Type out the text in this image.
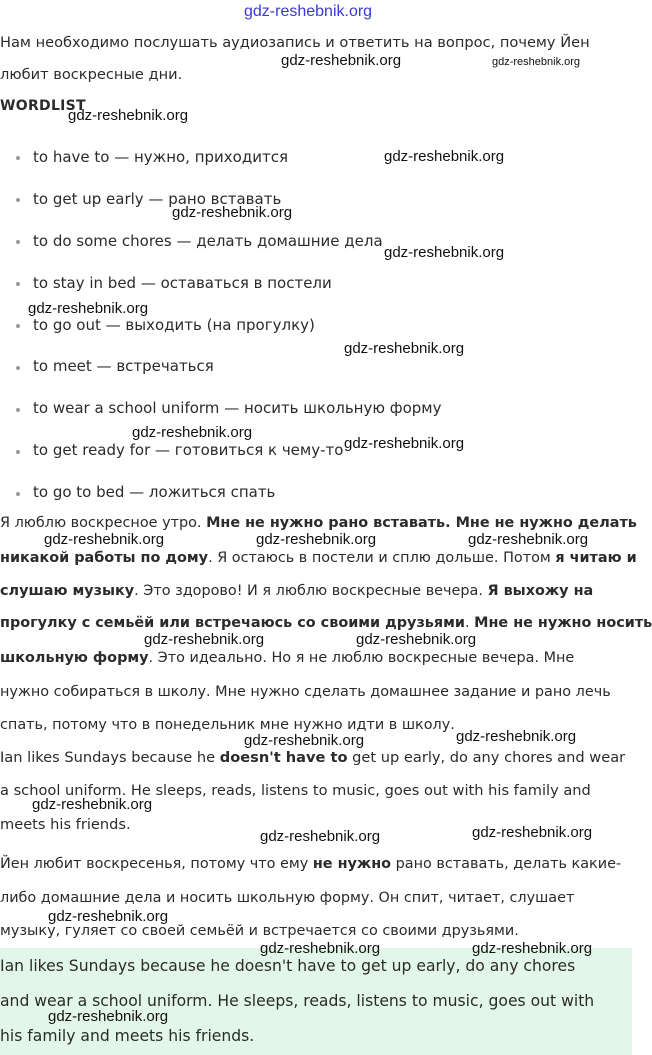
gdz-reshebnik.org
Нам необходимо послушать аудиозапись и ответить на вопрос, почему Йен
любит воскресные дни.
WORDLIST
to have to — нужно, приходится
to get up early — рано вставать
to do some chores — делать домашние дела
to stay in bed — оставаться в постели
to go out — выходить (на прогулку)
to meet — встречаться
to wear a school uniform — носить школьную форму
to get ready for — готовиться к чему-то
to go to bed — ложиться спать
Я люблю воскресное утро. Мне не нужно рано вставать. Мне не нужно делать
никакой работы по дому. Я остаюсь в постели и сплю дольше. Потом я читаю и
слушаю музыку. Это здорово! И я люблю воскресные вечера. Я выхожу на
прогулку с семьёй или встречаюсь со своими друзьями. Мне не нужно носить
школьную форму. Это идеально. Но я не люблю воскресные вечера. Мне
нужно собираться в школу. Мне нужно сделать домашнее задание и рано лечь
спать, потому что в понедельник мне нужно идти в школу.
Ian likes Sundays because he doesn't have to get up early, do any chores and wear
a school uniform. He sleeps, reads, listens to music, goes out with his family and
meets his friends.
Йен любит воскресенья, потому что ему не нужно рано вставать, делать какие-
либо домашние дела и носить школьную форму. Он спит, читает, слушает
музыку, гуляет со своей семьёй и встречается со своими друзьями.
Ian likes Sundays because he doesn't have to get up early, do any chores
and wear a school uniform. He sleeps, reads, listens to music, goes out with
his family and meets his friends.
gdz-reshebnik.org	gdz-reshebnik.org
gdz-reshebnik.org
gdz-reshebnik.org
gdz-reshebnik.org
gdz-reshebnik.org
gdz-reshebnik.org
gdz-reshebnik.org
gdz-reshebnik.org
gdz-reshebnik.org
gdz-reshebnik.org	gdz-reshebnik.org	gdz-reshebnik.org
gdz-reshebnik.org	gdz-reshebnik.org
gdz-reshebnik.org	gdz-reshebnik.org
gdz-reshebnik.org
gdz-reshebnik.org	gdz-reshebnik.org
gdz-reshebnik.org
gdz-reshebnik.org	gdz-reshebnik.org
gdz-reshebnik.org
